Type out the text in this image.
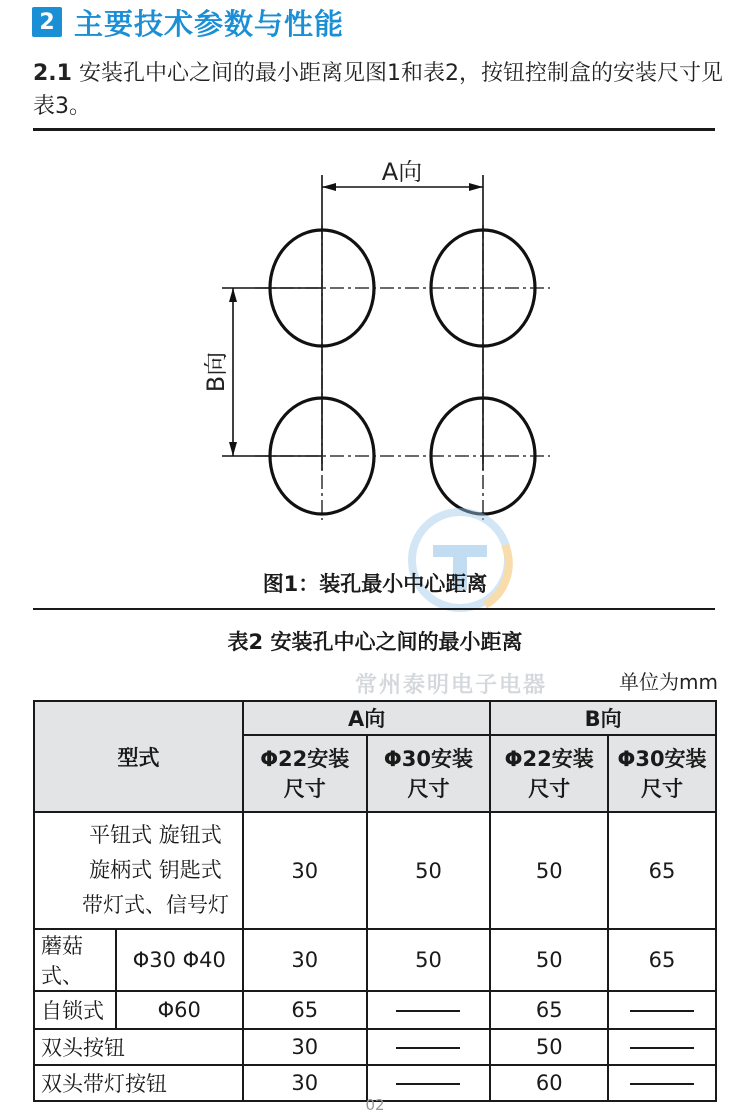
2 主要技术参数与性能
2.1 安装孔中心之间的最小距离见图1和表2，按钮控制盒的安装尺寸见表3。
A向
B向
图1：装孔最小中心距离
表2 安装孔中心之间的最小距离
常州泰明电子电器	单位为mm
型式		A向		B向	
		Φ22安装尺寸	Φ30安装尺寸	Φ22安装尺寸	Φ30安装尺寸

平钮式 旋钮式
旋柄式 钥匙式
带灯式、信号灯		30	50	50	65
蘑菇式、	Φ30 Φ40	30	50	50	65
自锁式	Φ60	65		65	
双头按钮		30		50	
双头带灯按钮		30		60	
02
